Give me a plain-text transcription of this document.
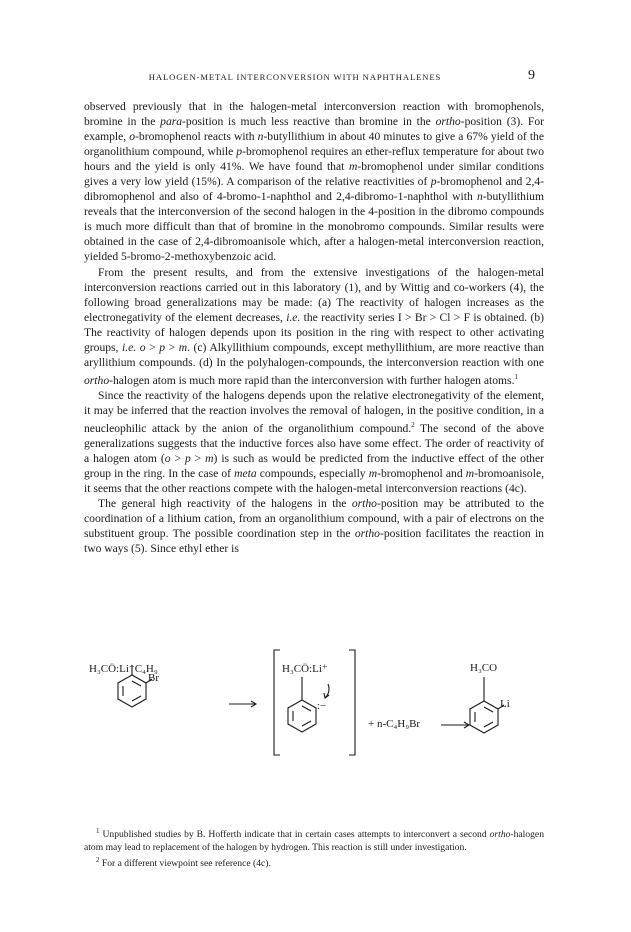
HALOGEN-METAL INTERCONVERSION WITH NAPHTHALENES	9

observed previously that in the halogen-metal interconversion reaction with bromophenols, bromine in the para-position is much less reactive than bromine in the ortho-position (3). For example, o-bromophenol reacts with n-butyllithium in about 40 minutes to give a 67% yield of the organolithium compound, while p-bromophenol requires an ether-reflux temperature for about two hours and the yield is only 41%. We have found that m-bromophenol under similar conditions gives a very low yield (15%). A comparison of the relative reactivities of p-bromophenol and 2,4-dibromophenol and also of 4-bromo-1-naphthol and 2,4-dibromo-1-naphthol with n-butyllithium reveals that the interconversion of the second halogen in the 4-position in the dibromo compounds is much more difficult than that of bromine in the monobromo compounds. Similar results were obtained in the case of 2,4-dibromoanisole which, after a halogen-metal interconversion reaction, yielded 5-bromo-2-methoxybenzoic acid.

From the present results, and from the extensive investigations of the halogen-metal interconversion reactions carried out in this laboratory (1), and by Wittig and co-workers (4), the following broad generalizations may be made: (a) The reactivity of halogen increases as the electronegativity of the element decreases, i.e. the reactivity series I > Br > Cl > F is obtained. (b) The reactivity of halogen depends upon its position in the ring with respect to other activating groups, i.e. o > p > m. (c) Alkyllithium compounds, except methyllithium, are more reactive than aryllithium compounds. (d) In the polyhalogen-compounds, the interconversion reaction with one ortho-halogen atom is much more rapid than the interconversion with further halogen atoms.$^1$

Since the reactivity of the halogens depends upon the relative electronegativity of the element, it may be inferred that the reaction involves the removal of halogen, in the positive condition, in a neucleophilic attack by the anion of the organolithium compound.$^2$ The second of the above generalizations suggests that the inductive forces also have some effect. The order of reactivity of a halogen atom (o > p > m) is such as would be predicted from the inductive effect of the other group in the ring. In the case of meta compounds, especially m-bromophenol and m-bromoanisole, it seems that the other reactions compete with the halogen-metal interconversion reactions (4c).

The general high reactivity of the halogens in the ortho-position may be attributed to the coordination of a lithium cation, from an organolithium compound, with a pair of electrons on the substituent group. The possible coordination step in the ortho-position facilitates the reaction in two ways (5). Since ethyl ether is

H₃CÖ:Li⁺C₄H₉
Br
H₃CÖ:Li⁺
:−
+ n-C₄H₉Br
H₃CO
Li

$^1$ Unpublished studies by B. Hofferth indicate that in certain cases attempts to interconvert a second ortho-halogen atom may lead to replacement of the halogen by hydrogen. This reaction is still under investigation.

$^2$ For a different viewpoint see reference (4c).
